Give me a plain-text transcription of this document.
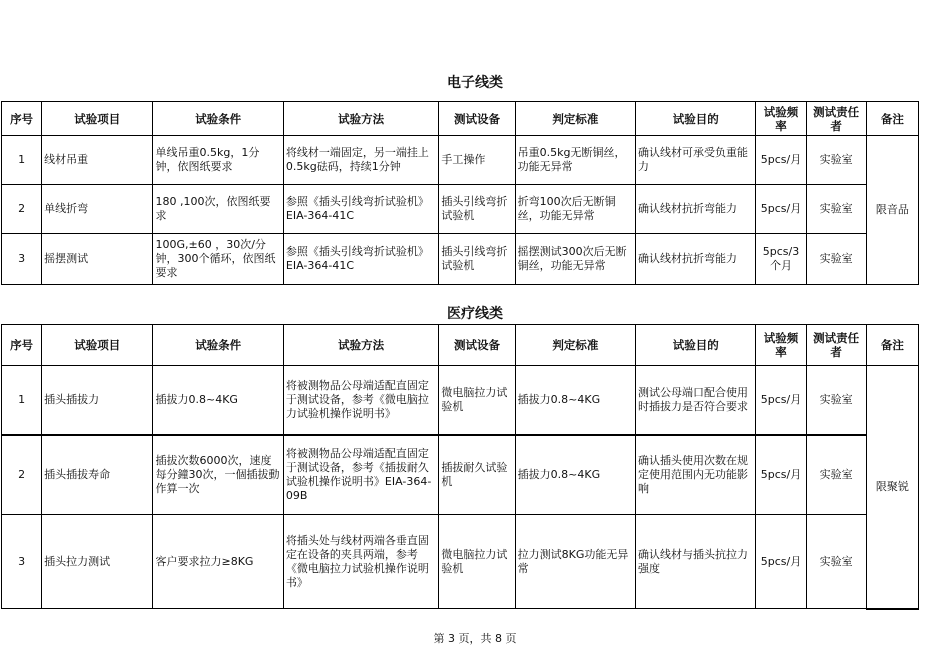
电子线类
序号	试验项目	试验条件	试验方法	测试设备	判定标准	试验目的	试验频率	测试责任者	备注
1	线材吊重	单线吊重0.5kg，1分钟，依图纸要求	将线材一端固定，另一端挂上0.5kg砝码，持续1分钟	手工操作	吊重0.5kg无断铜丝，功能无异常	确认线材可承受负重能力	5pcs/月	实验室	限音品
2	单线折弯	180 ,100次，依图纸要求	参照《插头引线弯折试验机》EIA-364-41C	插头引线弯折试验机	折弯100次后无断铜丝，功能无异常	确认线材抗折弯能力	5pcs/月	实验室	
3	摇摆测试	100G,±60 ，30次/分钟，300个循环，依图纸要求	参照《插头引线弯折试验机》EIA-364-41C	插头引线弯折试验机	摇摆测试300次后无断铜丝，功能无异常	确认线材抗折弯能力	5pcs/3个月	实验室	
医疗线类
序号	试验项目	试验条件	试验方法	测试设备	判定标准	试验目的	试验频率	测试责任者	备注
1	插头插拔力	插拔力0.8~4KG	将被测物品公母端适配直固定于测试设备，参考《微电脑拉力试验机操作说明书》	微电脑拉力试验机	插拔力0.8~4KG	测试公母端口配合使用时插拔力是否符合要求	5pcs/月	实验室	限聚锐
2	插头插拔寿命	插拔次数6000次，速度每分鐘30次，一個插拔動作算一次	将被测物品公母端适配直固定于测试设备，参考《插拔耐久试验机操作说明书》EIA-364-09B	插拔耐久试验机	插拔力0.8~4KG	确认插头使用次数在规定使用范围内无功能影响	5pcs/月	实验室	
3	插头拉力测试	客户要求拉力≥8KG	将插头处与线材两端各垂直固定在设备的夹具两端，参考《微电脑拉力试验机操作说明书》	微电脑拉力试验机	拉力测试8KG功能无异常	确认线材与插头抗拉力强度	5pcs/月	实验室	
第 3 页，共 8 页
